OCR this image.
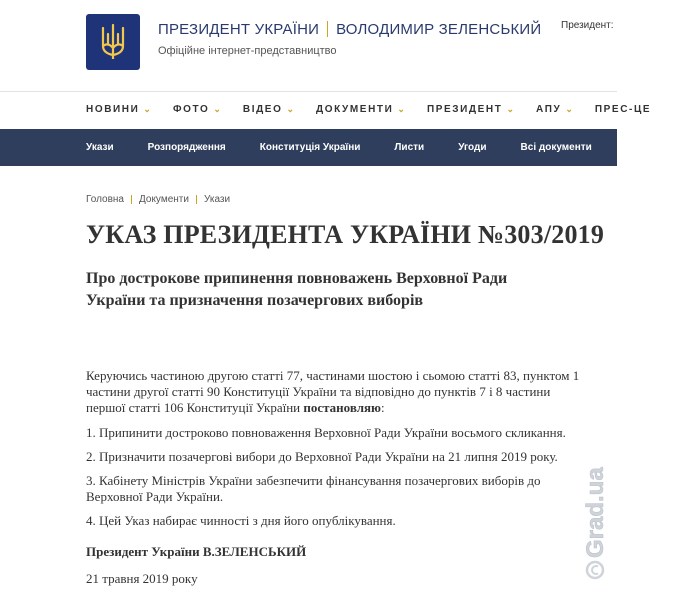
ПРЕЗИДЕНТ УКРАЇНИ ВОЛОДИМИР ЗЕЛЕНСЬКИЙ
Офіційне інтернет-представництво
Президент:
НОВИНИ ⌄ ФОТО ⌄ ВІДЕО ⌄ ДОКУМЕНТИ ⌄ ПРЕЗИДЕНТ ⌄ АПУ ⌄ ПРЕС-ЦЕ
Укази	Розпорядження	Конституція України	Листи	Угоди	Всі документи
Головна Документи Укази
УКАЗ ПРЕЗИДЕНТА УКРАЇНИ №303/2019
Про дострокове припинення повноважень Верховної Ради України та призначення позачергових виборів

Керуючись частиною другою статті 77, частинами шостою і сьомою статті 83, пунктом 1 частини другої статті 90 Конституції України та відповідно до пунктів 7 і 8 частини першої статті 106 Конституції України постановляю:

1. Припинити достроково повноваження Верховної Ради України восьмого скликання.

2. Призначити позачергові вибори до Верховної Ради України на 21 липня 2019 року.

3. Кабінету Міністрів України забезпечити фінансування позачергових виборів до Верховної Ради України.

4. Цей Указ набирає чинності з дня його опублікування.

Президент України В.ЗЕЛЕНСЬКИЙ
21 травня 2019 року
Grad.ua
